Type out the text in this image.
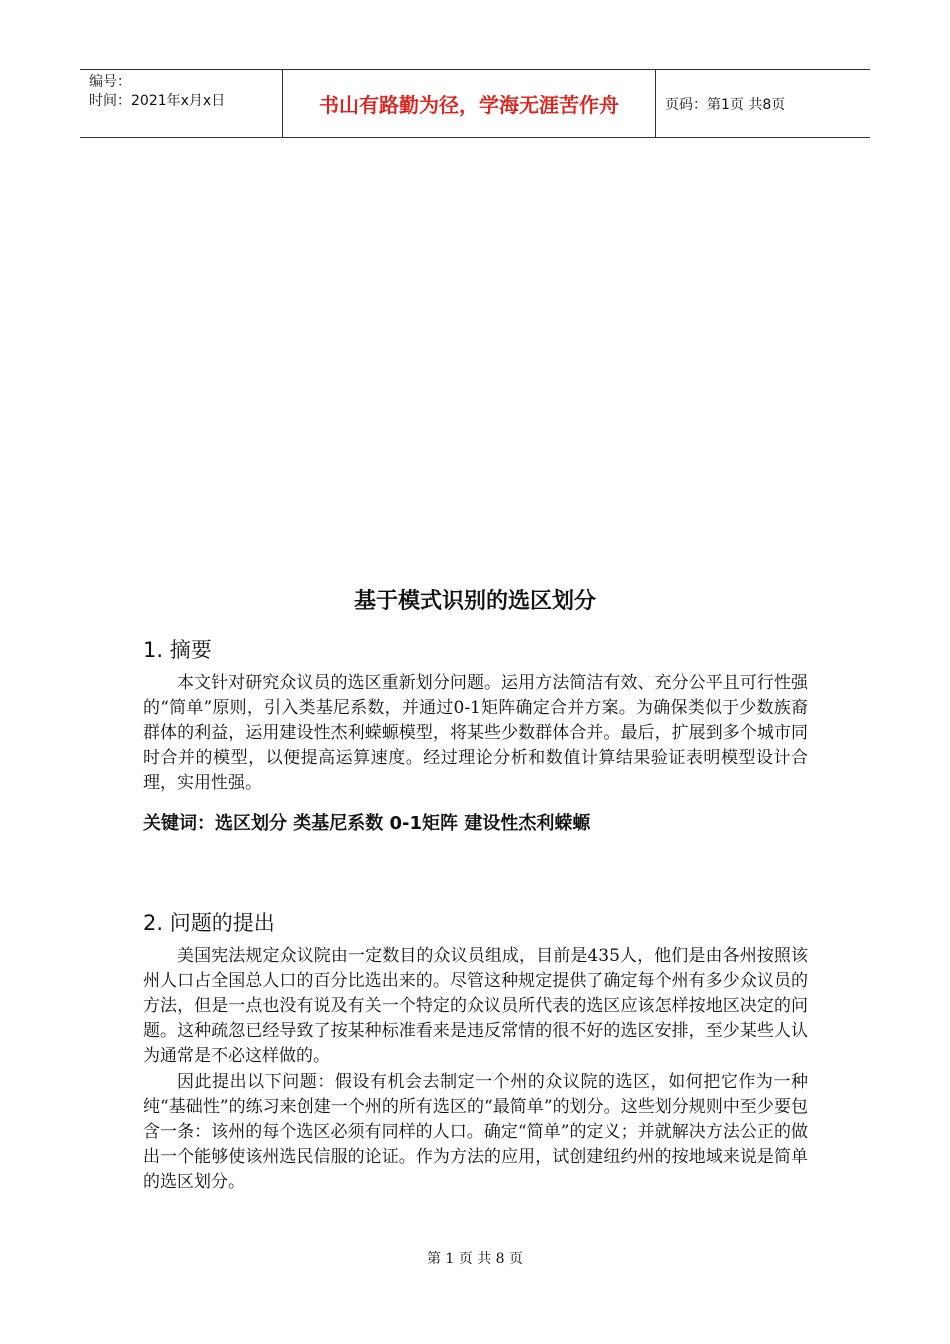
编号：
时间：2021年x月x日	书山有路勤为径，学海无涯苦作舟	页码：第1页 共8页
基于模式识别的选区划分
1. 摘要

本文针对研究众议员的选区重新划分问题。运用方法简洁有效、充分公平且可行性强的“简单”原则，引入类基尼系数，并通过0-1矩阵确定合并方案。为确保类似于少数族裔群体的利益，运用建设性杰利蝾螈模型，将某些少数群体合并。最后，扩展到多个城市同时合并的模型，以便提高运算速度。经过理论分析和数值计算结果验证表明模型设计合理，实用性强。

关键词：选区划分 类基尼系数 0-1矩阵 建设性杰利蝾螈
2. 问题的提出

美国宪法规定众议院由一定数目的众议员组成，目前是435人，他们是由各州按照该州人口占全国总人口的百分比选出来的。尽管这种规定提供了确定每个州有多少众议员的方法，但是一点也没有说及有关一个特定的众议员所代表的选区应该怎样按地区决定的问题。这种疏忽已经导致了按某种标准看来是违反常情的很不好的选区安排，至少某些人认为通常是不必这样做的。

因此提出以下问题：假设有机会去制定一个州的众议院的选区，如何把它作为一种纯“基础性”的练习来创建一个州的所有选区的“最简单”的划分。这些划分规则中至少要包含一条：该州的每个选区必须有同样的人口。确定“简单”的定义；并就解决方法公正的做出一个能够使该州选民信服的论证。作为方法的应用，试创建纽约州的按地域来说是简单的选区划分。

第 1 页 共 8 页
